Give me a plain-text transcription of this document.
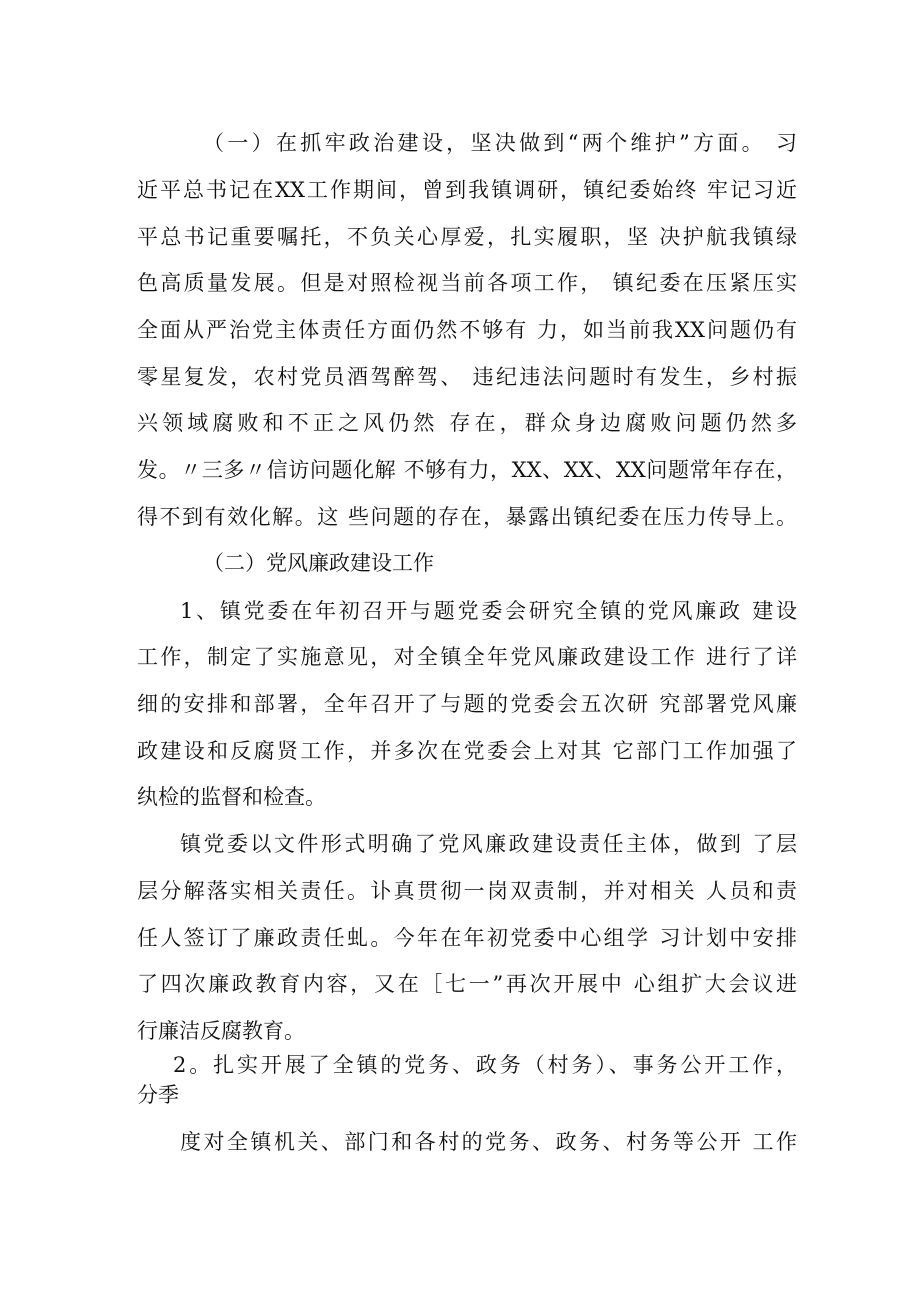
（一）在抓牢政治建设，坚决做到“两个维护”方面。 习
近平总书记在XX工作期间，曾到我镇调研，镇纪委始终 牢记习近
平总书记重要嘱托，不负关心厚爱，扎实履职，坚 决护航我镇绿
色高质量发展。但是对照检视当前各项工作， 镇纪委在压紧压实
全面从严治党主体责任方面仍然不够有 力，如当前我XX问题仍有
零星复发，农村党员酒驾醉驾、 违纪违法问题时有发生，乡村振
兴领域腐败和不正之风仍然 存在，群众身边腐败问题仍然多
发。〃三多〃信访问题化解 不够有力，XX、XX、XX问题常年存在，
得不到有效化解。这 些问题的存在，暴露出镇纪委在压力传导上。
（二）党风廉政建设工作
1、镇党委在年初召开与题党委会研究全镇的党风廉政 建设
工作，制定了实施意见，对全镇全年党风廉政建设工作 进行了详
细的安排和部署，全年召开了与题的党委会五次研 究部署党风廉
政建设和反腐贤工作，并多次在党委会上对其 它部门工作加强了
纨检的监督和检查。
镇党委以文件形式明确了党风廉政建设责任主体，做到 了层
层分解落实相关责任。讣真贯彻一岗双责制，并对相关 人员和责
任人签订了廉政责任虬。今年在年初党委中心组学 习计划中安排
了四次廉政教育内容，又在［七一”再次开展中 心组扩大会议进
行廉洁反腐教育。
2。扎实开展了全镇的党务、政务（村务）、事务公开工作，
分季
度对全镇机关、部门和各村的党务、政务、村务等公开 工作
